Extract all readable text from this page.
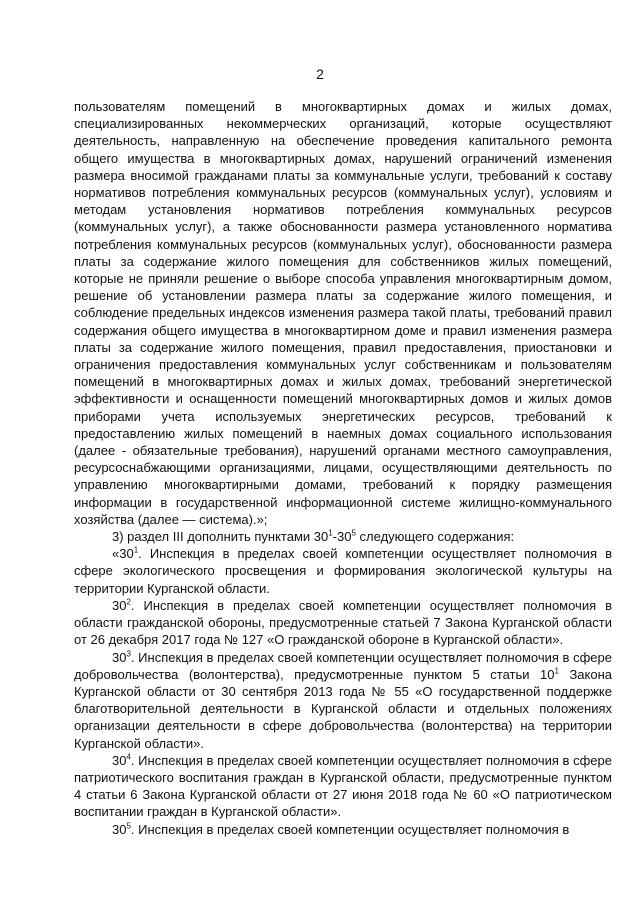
2

пользователям помещений в многоквартирных домах и жилых домах, специализированных некоммерческих организаций, которые осуществляют деятельность, направленную на обеспечение проведения капитального ремонта общего имущества в многоквартирных домах, нарушений ограничений изменения размера вносимой гражданами платы за коммунальные услуги, требований к составу нормативов потребления коммунальных ресурсов (коммунальных услуг), условиям и методам установления нормативов потребления коммунальных ресурсов (коммунальных услуг), а также обоснованности размера установленного норматива потребления коммунальных ресурсов (коммунальных услуг), обоснованности размера платы за содержание жилого помещения для собственников жилых помещений, которые не приняли решение о выборе способа управления многоквартирным домом, решение об установлении размера платы за содержание жилого помещения, и соблюдение предельных индексов изменения размера такой платы, требований правил содержания общего имущества в многоквартирном доме и правил изменения размера платы за содержание жилого помещения, правил предоставления, приостановки и ограничения предоставления коммунальных услуг собственникам и пользователям помещений в многоквартирных домах и жилых домах, требований энергетической эффективности и оснащенности помещений многоквартирных домов и жилых домов приборами учета используемых энергетических ресурсов, требований к предоставлению жилых помещений в наемных домах социального использования (далее - обязательные требования), нарушений органами местного самоуправления, ресурсоснабжающими организациями, лицами, осуществляющими деятельность по управлению многоквартирными домами, требований к порядку размещения информации в государственной информационной системе жилищно-коммунального хозяйства (далее — система).»;

3) раздел III дополнить пунктами $30^1-30^5$ следующего содержания:

«$30^1$. Инспекция в пределах своей компетенции осуществляет полномочия в сфере экологического просвещения и формирования экологической культуры на территории Курганской области.

$30^2$. Инспекция в пределах своей компетенции осуществляет полномочия в области гражданской обороны, предусмотренные статьей 7 Закона Курганской области от 26 декабря 2017 года № 127 «О гражданской обороне в Курганской области».

$30^3$. Инспекция в пределах своей компетенции осуществляет полномочия в сфере добровольчества (волонтерства), предусмотренные пунктом 5 статьи $10^1$ Закона Курганской области от 30 сентября 2013 года № 55 «О государственной поддержке благотворительной деятельности в Курганской области и отдельных положениях организации деятельности в сфере добровольчества (волонтерства) на территории Курганской области».

$30^4$. Инспекция в пределах своей компетенции осуществляет полномочия в сфере патриотического воспитания граждан в Курганской области, предусмотренные пунктом 4 статьи 6 Закона Курганской области от 27 июня 2018 года № 60 «О патриотическом воспитании граждан в Курганской области».

$30^5$. Инспекция в пределах своей компетенции осуществляет полномочия в
